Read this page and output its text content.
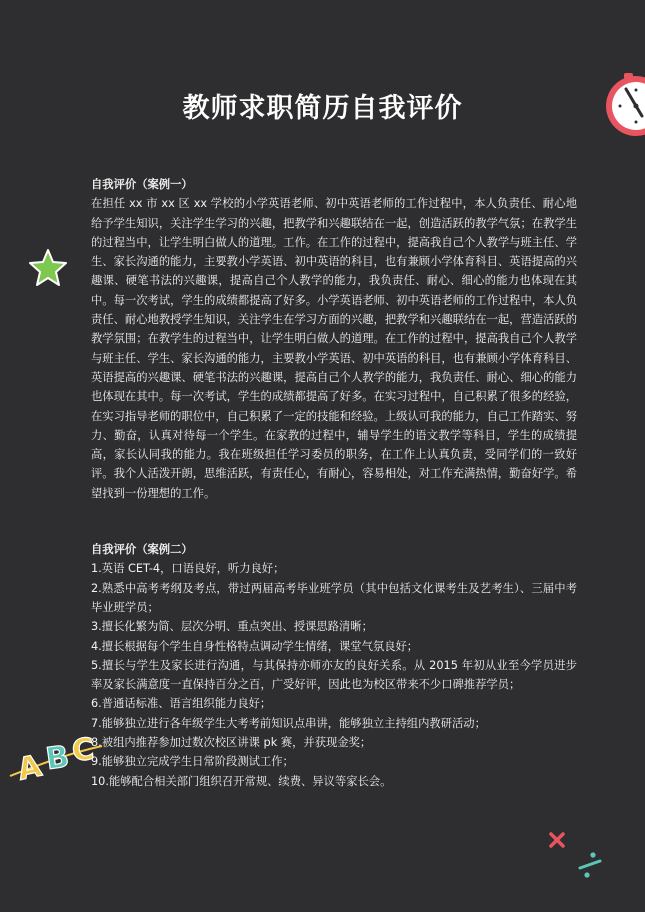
A B C
教师求职简历自我评价

自我评价（案例一）

在担任 xx 市 xx 区 xx 学校的小学英语老师、初中英语老师的工作过程中，本人负责任、耐心地给予学生知识，关注学生学习的兴趣，把教学和兴趣联结在一起，创造活跃的教学气氛；在教学生的过程当中，让学生明白做人的道理。工作。在工作的过程中，提高我自己个人教学与班主任、学生、家长沟通的能力，主要教小学英语、初中英语的科目，也有兼顾小学体育科目、英语提高的兴趣课、硬笔书法的兴趣课，提高自己个人教学的能力，我负责任、耐心、细心的能力也体现在其中。每一次考试，学生的成绩都提高了好多。小学英语老师、初中英语老师的工作过程中，本人负责任、耐心地教授学生知识，关注学生在学习方面的兴趣，把教学和兴趣联结在一起，营造活跃的教学氛围；在教学生的过程当中，让学生明白做人的道理。在工作的过程中，提高我自己个人教学与班主任、学生、家长沟通的能力，主要教小学英语、初中英语的科目，也有兼顾小学体育科目、英语提高的兴趣课、硬笔书法的兴趣课，提高自己个人教学的能力，我负责任、耐心、细心的能力也体现在其中。每一次考试，学生的成绩都提高了好多。在实习过程中，自己积累了很多的经验，在实习指导老师的职位中，自己积累了一定的技能和经验。上级认可我的能力，自己工作踏实、努力、勤奋，认真对待每一个学生。在家教的过程中，辅导学生的语文教学等科目，学生的成绩提高，家长认同我的能力。我在班级担任学习委员的职务，在工作上认真负责，受同学们的一致好评。我个人活泼开朗，思维活跃，有责任心，有耐心，容易相处，对工作充满热情，勤奋好学。希望找到一份理想的工作。

自我评价（案例二）

1.英语 CET-4，口语良好，听力良好；
2.熟悉中高考考纲及考点，带过两届高考毕业班学员（其中包括文化课考生及艺考生）、三届中考毕业班学员；
3.擅长化繁为简、层次分明、重点突出、授课思路清晰；
4.擅长根据每个学生自身性格特点调动学生情绪，课堂气氛良好；
5.擅长与学生及家长进行沟通，与其保持亦师亦友的良好关系。从 2015 年初从业至今学员进步率及家长满意度一直保持百分之百，广受好评，因此也为校区带来不少口碑推荐学员；
6.普通话标准、语言组织能力良好；
7.能够独立进行各年级学生大考考前知识点串讲，能够独立主持组内教研活动；
8.被组内推荐参加过数次校区讲课 pk 赛，并获现金奖；
9.能够独立完成学生日常阶段测试工作；
10.能够配合相关部门组织召开常规、续费、异议等家长会。
